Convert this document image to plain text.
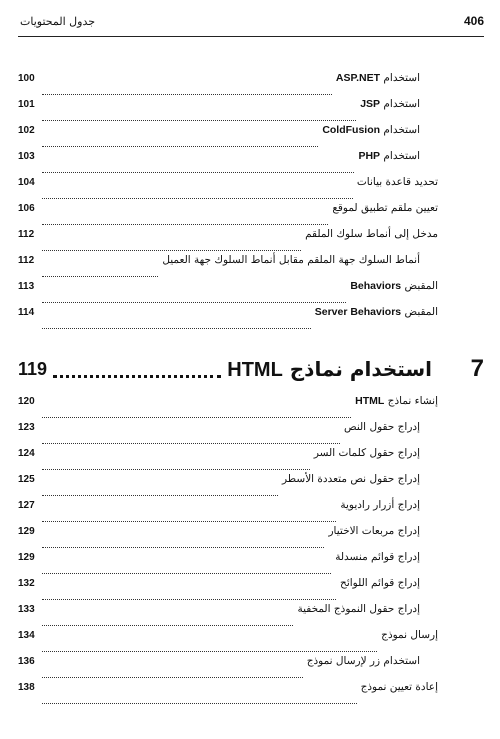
406
جدول المحتويات
استخدام ASP.NET
100
استخدام JSP
101
استخدام ColdFusion
102
استخدام PHP
103
تحديد قاعدة بيانات
104
تعيين ملقم تطبيق لموقع
106
مدخل إلى أنماط سلوك الملقم
112
أنماط السلوك جهة الملقم مقابل أنماط السلوك جهة العميل
112
المقبض Behaviors
113
المقبض Server Behaviors
114
7
استخدام نماذج HTML
119
إنشاء نماذج HTML
120
إدراج حقول النص
123
إدراج حقول كلمات السر
124
إدراج حقول نص متعددة الأسطر
125
إدراج أزرار راديوية
127
إدراج مربعات الاختيار
129
إدراج قوائم منسدلة
129
إدراج قوائم اللوائح
132
إدراج حقول النموذج المخفية
133
إرسال نموذج
134
استخدام زر لإرسال نموذج
136
إعادة تعيين نموذج
138
